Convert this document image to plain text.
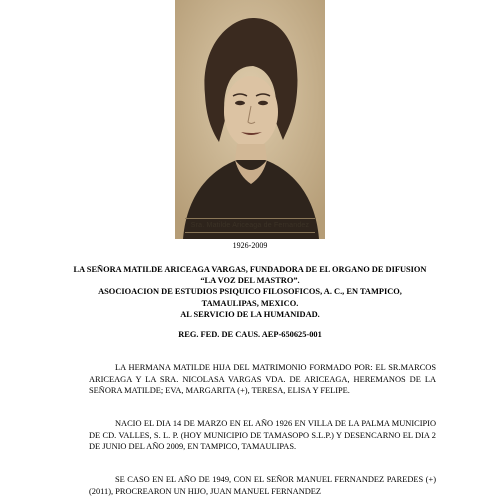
Sra. Matilde Ariceaga de Fernandez
1926-2009
LA SEÑORA MATILDE ARICEAGA VARGAS, FUNDADORA DE EL ORGANO DE DIFUSION “LA VOZ DEL MASTRO”.
ASOCIOACION DE ESTUDIOS PSIQUICO FILOSOFICOS, A. C., EN TAMPICO, TAMAULIPAS, MEXICO.
AL SERVICIO DE LA HUMANIDAD.
REG. FED. DE CAUS. AEP-650625-001
LA HERMANA MATILDE HIJA DEL MATRIMONIO FORMADO POR: EL SR.MARCOS ARICEAGA Y LA SRA. NICOLASA VARGAS VDA. DE ARICEAGA, HEREMANOS DE LA SEÑORA MATILDE; EVA, MARGARITA (+), TERESA, ELISA Y FELIPE.
NACIO EL DIA 14 DE MARZO EN EL AÑO 1926 EN VILLA DE LA PALMA MUNICIPIO DE CD. VALLES, S. L. P. (HOY MUNICIPIO DE TAMASOPO S.L.P.) Y DESENCARNO EL DIA 2 DE JUNIO DEL AÑO 2009, EN TAMPICO, TAMAULIPAS.
SE CASO EN EL AÑO DE 1949, CON EL SEÑOR MANUEL FERNANDEZ PAREDES (+) (2011), PROCREARON UN HIJO, JUAN MANUEL FERNANDEZ
